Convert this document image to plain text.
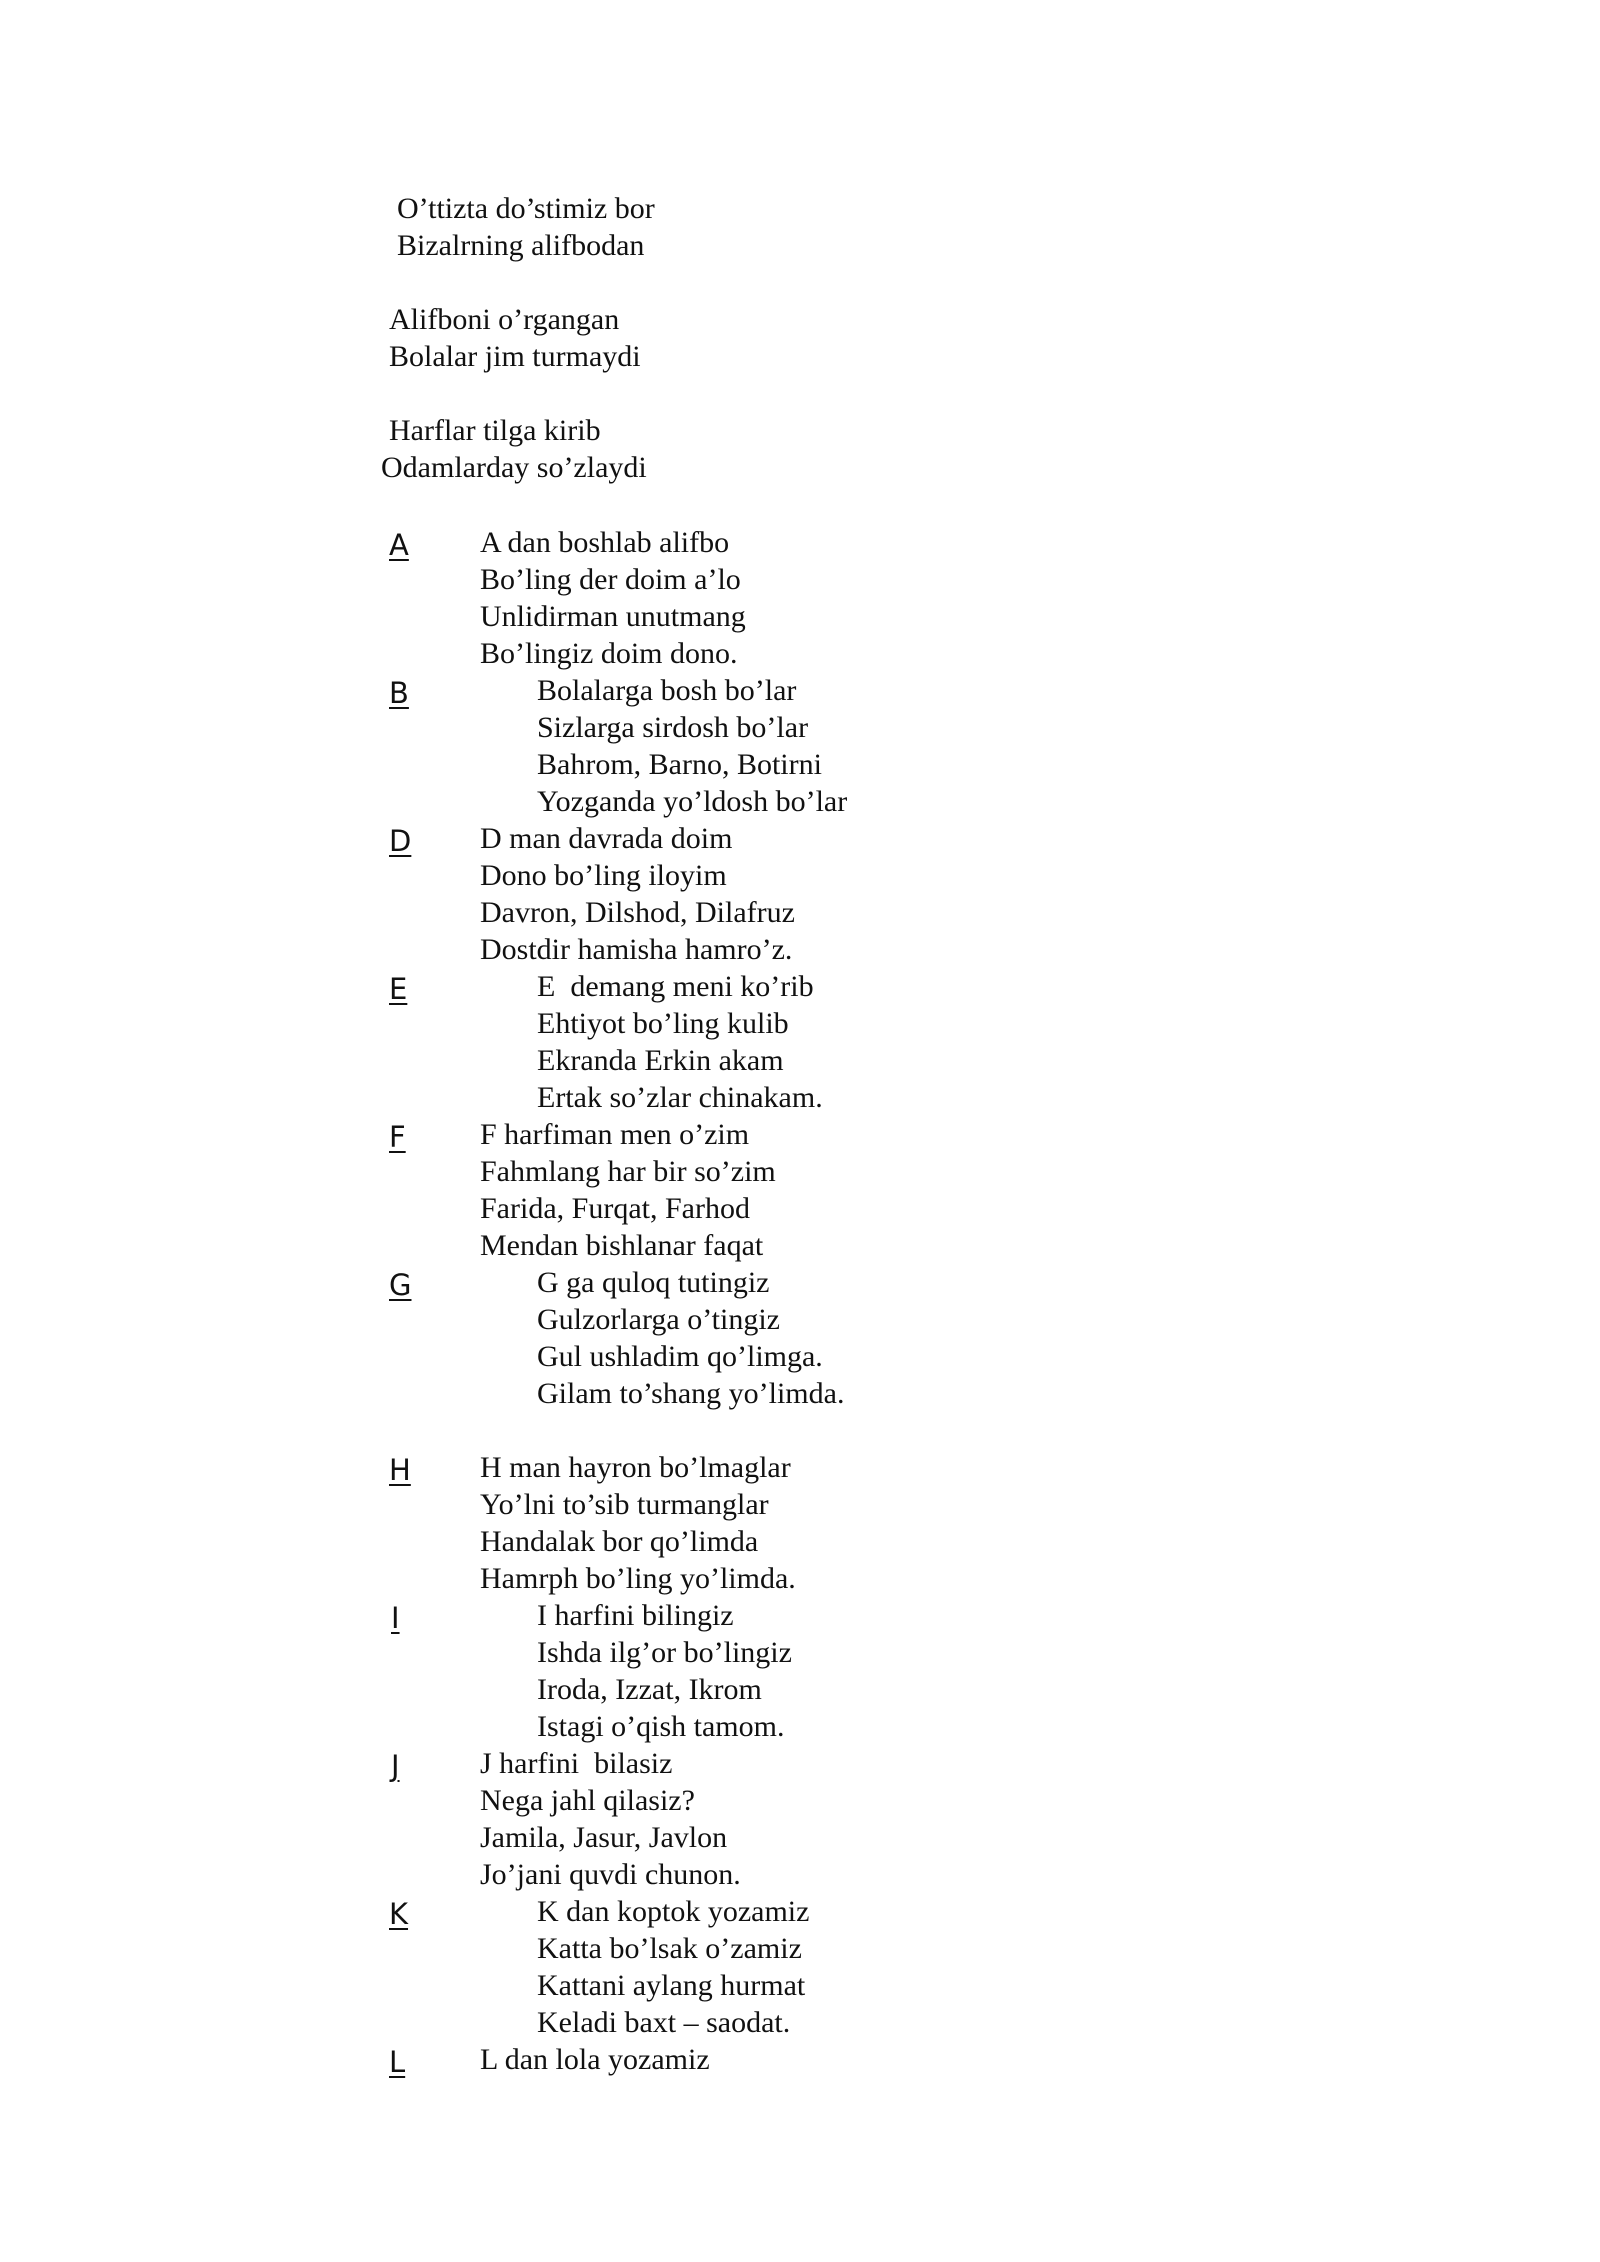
O’ttizta do’stimiz bor
Bizalrning alifbodan
Alifboni o’rgangan
Bolalar jim turmaydi
Harflar tilga kirib
Odamlarday so’zlaydi
A A dan boshlab alifbo
Bo’ling der doim a’lo
Unlidirman unutmang
Bo’lingiz doim dono.
B	Bolalarga bosh bo’lar
Sizlarga sirdosh bo’lar
Bahrom, Barno, Botirni
Yozganda yo’ldosh bo’lar
D D man davrada doim
Dono bo’ling iloyim
Davron, Dilshod, Dilafruz
Dostdir hamisha hamro’z.
E	E  demang meni ko’rib
Ehtiyot bo’ling kulib
Ekranda Erkin akam
Ertak so’zlar chinakam.
F F harfiman men o’zim
Fahmlang har bir so’zim
Farida, Furqat, Farhod
Mendan bishlanar faqat
G	G ga quloq tutingiz
Gulzorlarga o’tingiz
Gul ushladim qo’limga.
Gilam to’shang yo’limda.
H H man hayron bo’lmaglar
Yo’lni to’sib turmanglar
Handalak bor qo’limda
Hamrph bo’ling yo’limda.
I	I harfini bilingiz
Ishda ilg’or bo’lingiz
Iroda, Izzat, Ikrom
Istagi o’qish tamom.
J	J harfini  bilasiz
Nega jahl qilasiz?
Jamila, Jasur, Javlon
Jo’jani quvdi chunon.
K	K dan koptok yozamiz
Katta bo’lsak o’zamiz
Kattani aylang hurmat
Keladi baxt – saodat.
L L dan lola yozamiz
